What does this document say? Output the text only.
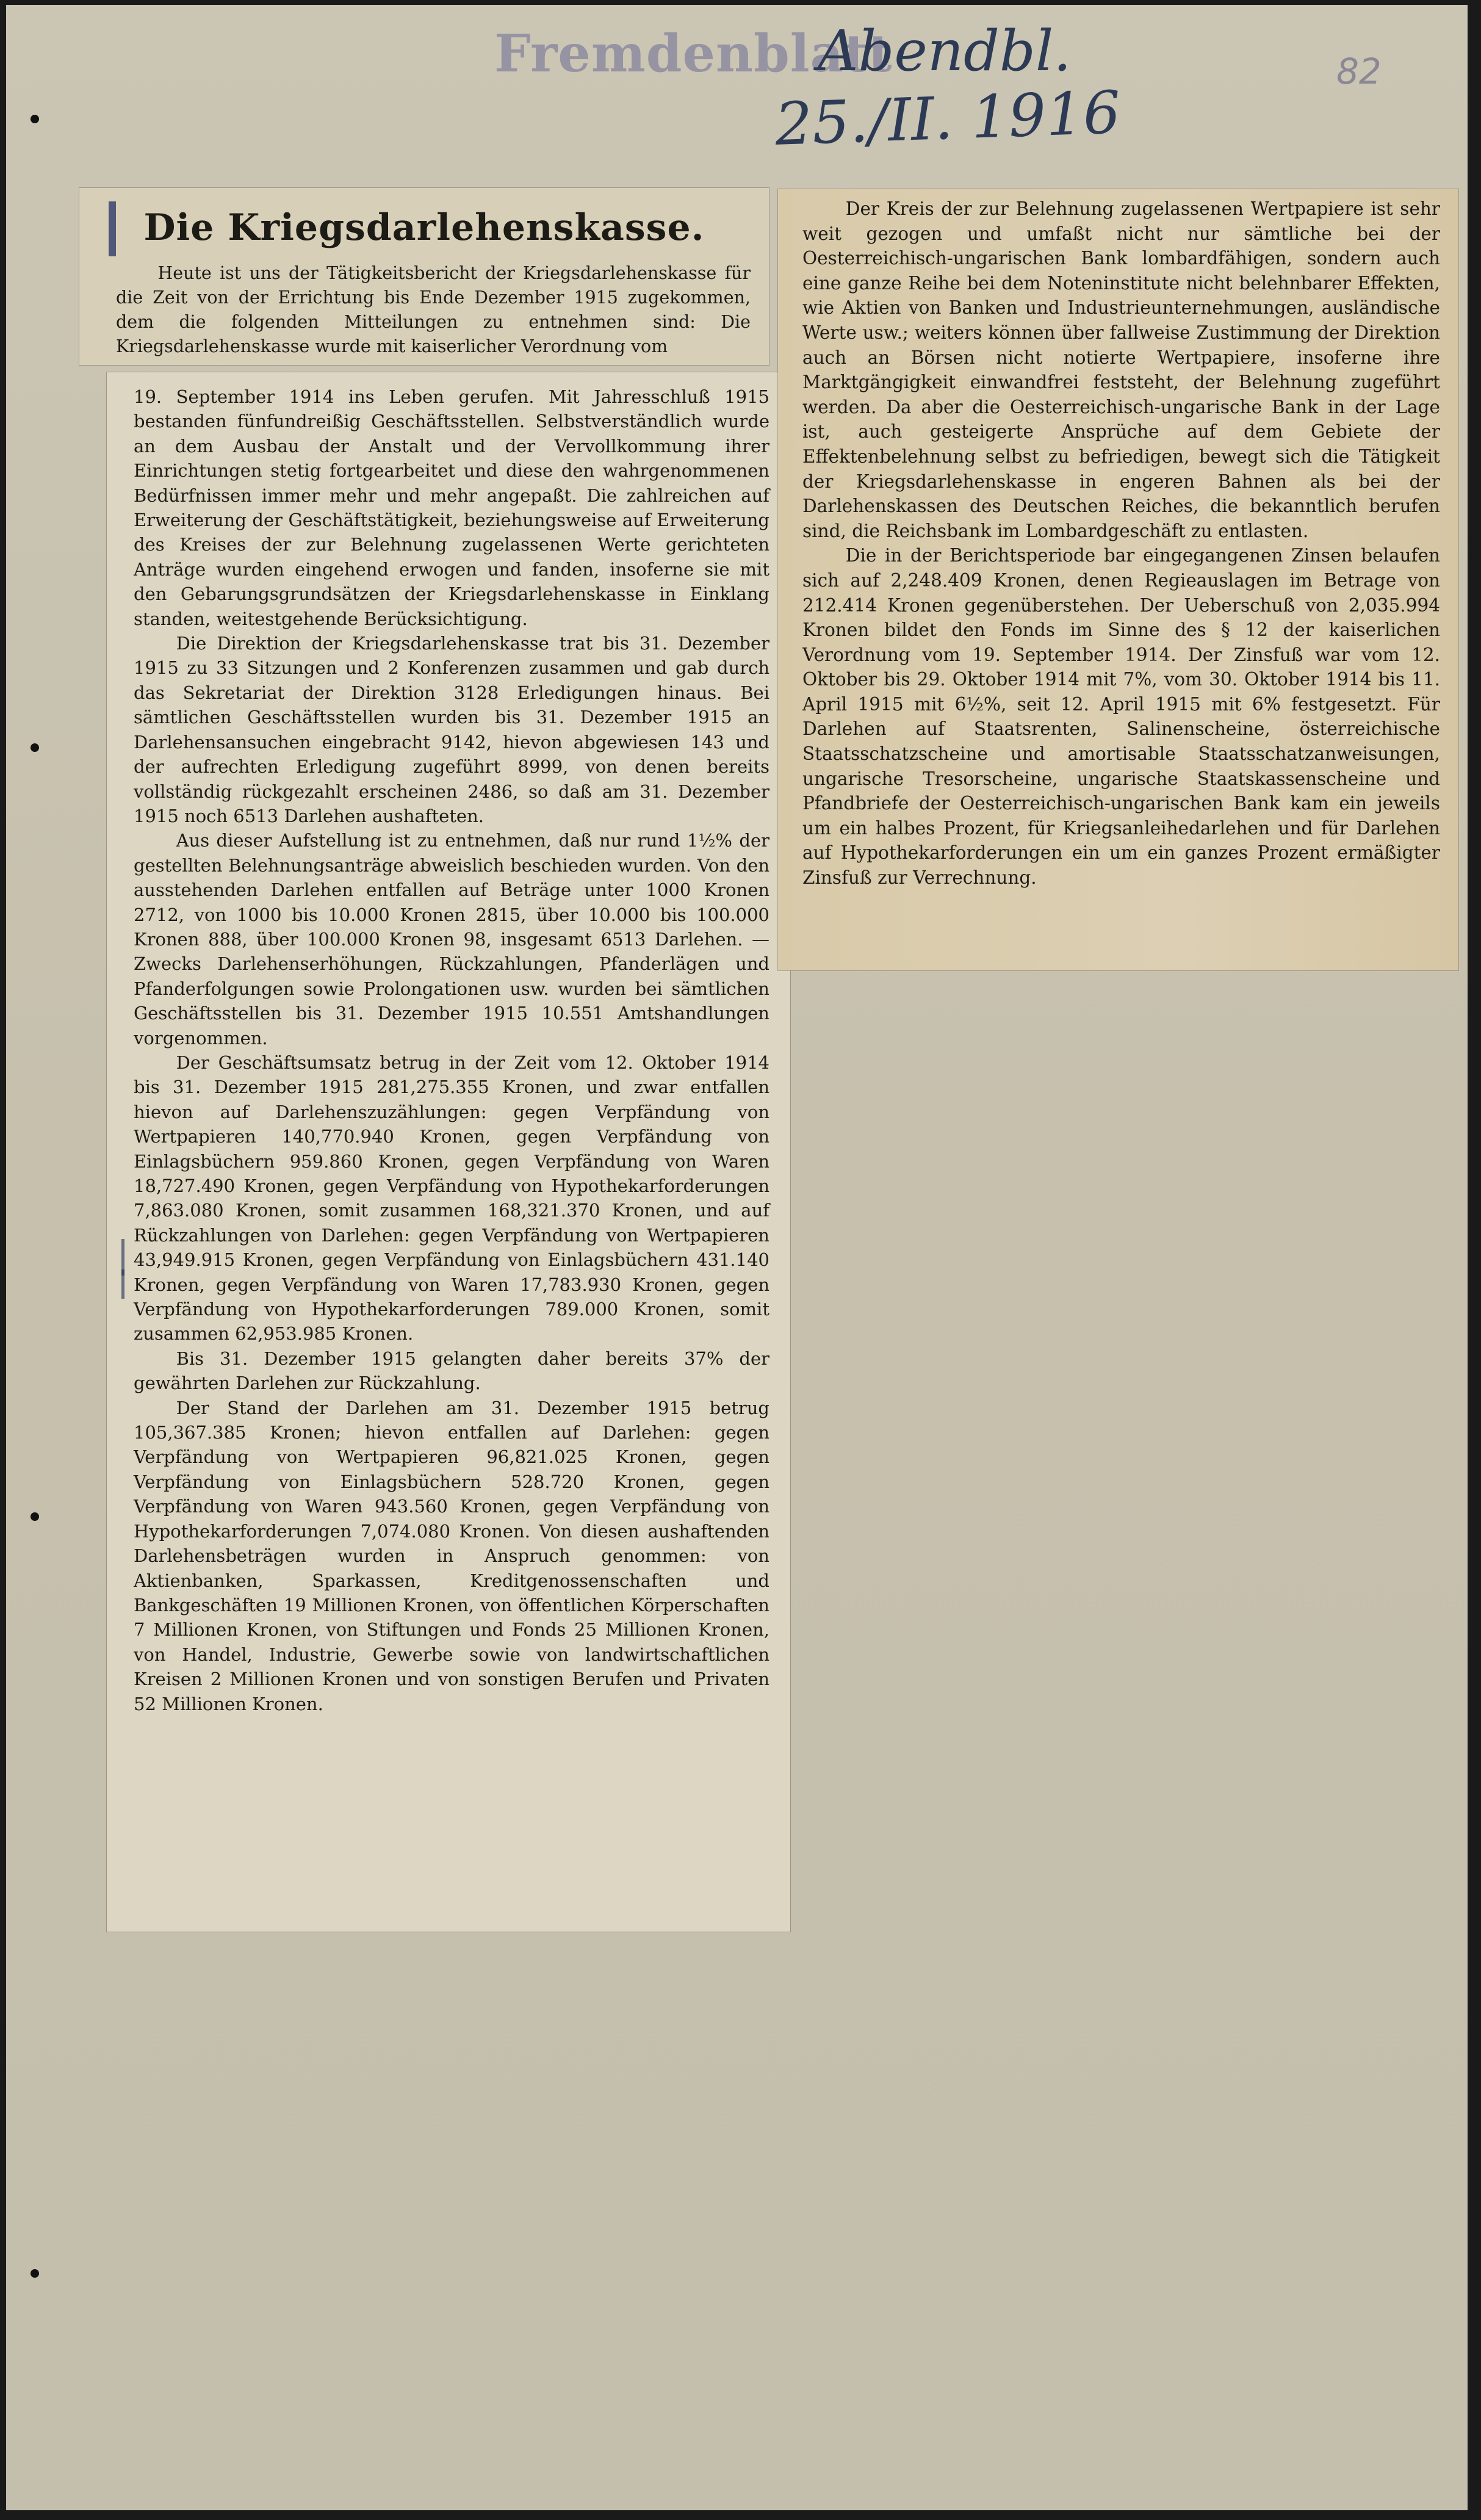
Fremdenblatt
Abendbl.
25./II. 1916
82
Die Kriegsdarlehenskasse.

Heute ist uns der Tätigkeitsbericht der Kriegsdarlehenskasse für die Zeit von der Errichtung bis Ende Dezember 1915 zugekommen, dem die folgenden Mitteilungen zu entnehmen sind: Die Kriegsdarlehenskasse wurde mit kaiserlicher Verordnung vom

19. September 1914 ins Leben gerufen. Mit Jahresschluß 1915 bestanden fünfundreißig Geschäftsstellen. Selbstverständlich wurde an dem Ausbau der Anstalt und der Vervollkommung ihrer Einrichtungen stetig fortgearbeitet und diese den wahrgenommenen Bedürfnissen immer mehr und mehr angepaßt. Die zahlreichen auf Erweiterung der Geschäftstätigkeit, beziehungsweise auf Erweiterung des Kreises der zur Belehnung zugelassenen Werte gerichteten Anträge wurden eingehend erwogen und fanden, insoferne sie mit den Gebarungsgrundsätzen der Kriegsdarlehenskasse in Einklang standen, weitestgehende Berücksichtigung.

Die Direktion der Kriegsdarlehenskasse trat bis 31. Dezember 1915 zu 33 Sitzungen und 2 Konferenzen zusammen und gab durch das Sekretariat der Direktion 3128 Erledigungen hinaus. Bei sämtlichen Geschäftsstellen wurden bis 31. Dezember 1915 an Darlehensansuchen eingebracht 9142, hievon abgewiesen 143 und der aufrechten Erledigung zugeführt 8999, von denen bereits vollständig rückgezahlt erscheinen 2486, so daß am 31. Dezember 1915 noch 6513 Darlehen aushafteten.

Aus dieser Aufstellung ist zu entnehmen, daß nur rund 1½% der gestellten Belehnungsanträge abweislich beschieden wurden. Von den ausstehenden Darlehen entfallen auf Beträge unter 1000 Kronen 2712, von 1000 bis 10.000 Kronen 2815, über 10.000 bis 100.000 Kronen 888, über 100.000 Kronen 98, insgesamt 6513 Darlehen. — Zwecks Darlehenserhöhungen, Rückzahlungen, Pfanderlägen und Pfanderfolgungen sowie Prolongationen usw. wurden bei sämtlichen Geschäftsstellen bis 31. Dezember 1915 10.551 Amtshandlungen vorgenommen.

Der Geschäftsumsatz betrug in der Zeit vom 12. Oktober 1914 bis 31. Dezember 1915 281,275.355 Kronen, und zwar entfallen hievon auf Darlehenszuzählungen: gegen Verpfändung von Wertpapieren 140,770.940 Kronen, gegen Verpfändung von Einlagsbüchern 959.860 Kronen, gegen Verpfändung von Waren 18,727.490 Kronen, gegen Verpfändung von Hypothekarforderungen 7,863.080 Kronen, somit zusammen 168,321.370 Kronen, und auf Rückzahlungen von Darlehen: gegen Verpfändung von Wertpapieren 43,949.915 Kronen, gegen Verpfändung von Einlagsbüchern 431.140 Kronen, gegen Verpfändung von Waren 17,783.930 Kronen, gegen Verpfändung von Hypothekarforderungen 789.000 Kronen, somit zusammen 62,953.985 Kronen.

Bis 31. Dezember 1915 gelangten daher bereits 37% der gewährten Darlehen zur Rückzahlung.

Der Stand der Darlehen am 31. Dezember 1915 betrug 105,367.385 Kronen; hievon entfallen auf Darlehen: gegen Verpfändung von Wertpapieren 96,821.025 Kronen, gegen Verpfändung von Einlagsbüchern 528.720 Kronen, gegen Verpfändung von Waren 943.560 Kronen, gegen Verpfändung von Hypothekarforderungen 7,074.080 Kronen. Von diesen aushaftenden Darlehensbeträgen wurden in Anspruch genommen: von Aktienbanken, Sparkassen, Kreditgenossenschaften und Bankgeschäften 19 Millionen Kronen, von öffentlichen Körperschaften 7 Millionen Kronen, von Stiftungen und Fonds 25 Millionen Kronen, von Handel, Industrie, Gewerbe sowie von landwirtschaftlichen Kreisen 2 Millionen Kronen und von sonstigen Berufen und Privaten 52 Millionen Kronen.

Der Kreis der zur Belehnung zugelassenen Wertpapiere ist sehr weit gezogen und umfaßt nicht nur sämtliche bei der Oesterreichisch-ungarischen Bank lombardfähigen, sondern auch eine ganze Reihe bei dem Noteninstitute nicht belehnbarer Effekten, wie Aktien von Banken und Industrieunternehmungen, ausländische Werte usw.; weiters können über fallweise Zustimmung der Direktion auch an Börsen nicht notierte Wertpapiere, insoferne ihre Marktgängigkeit einwandfrei feststeht, der Belehnung zugeführt werden. Da aber die Oesterreichisch-ungarische Bank in der Lage ist, auch gesteigerte Ansprüche auf dem Gebiete der Effektenbelehnung selbst zu befriedigen, bewegt sich die Tätigkeit der Kriegsdarlehenskasse in engeren Bahnen als bei der Darlehenskassen des Deutschen Reiches, die bekanntlich berufen sind, die Reichsbank im Lombardgeschäft zu entlasten.

Die in der Berichtsperiode bar eingegangenen Zinsen belaufen sich auf 2,248.409 Kronen, denen Regieauslagen im Betrage von 212.414 Kronen gegenüberstehen. Der Ueberschuß von 2,035.994 Kronen bildet den Fonds im Sinne des § 12 der kaiserlichen Verordnung vom 19. September 1914. Der Zinsfuß war vom 12. Oktober bis 29. Oktober 1914 mit 7%, vom 30. Oktober 1914 bis 11. April 1915 mit 6½%, seit 12. April 1915 mit 6% festgesetzt. Für Darlehen auf Staatsrenten, Salinenscheine, österreichische Staatsschatzscheine und amortisable Staatsschatzanweisungen, ungarische Tresorscheine, ungarische Staatskassenscheine und Pfandbriefe der Oesterreichisch-ungarischen Bank kam ein jeweils um ein halbes Prozent, für Kriegsanleihedarlehen und für Darlehen auf Hypothekarforderungen ein um ein ganzes Prozent ermäßigter Zinsfuß zur Verrechnung.
